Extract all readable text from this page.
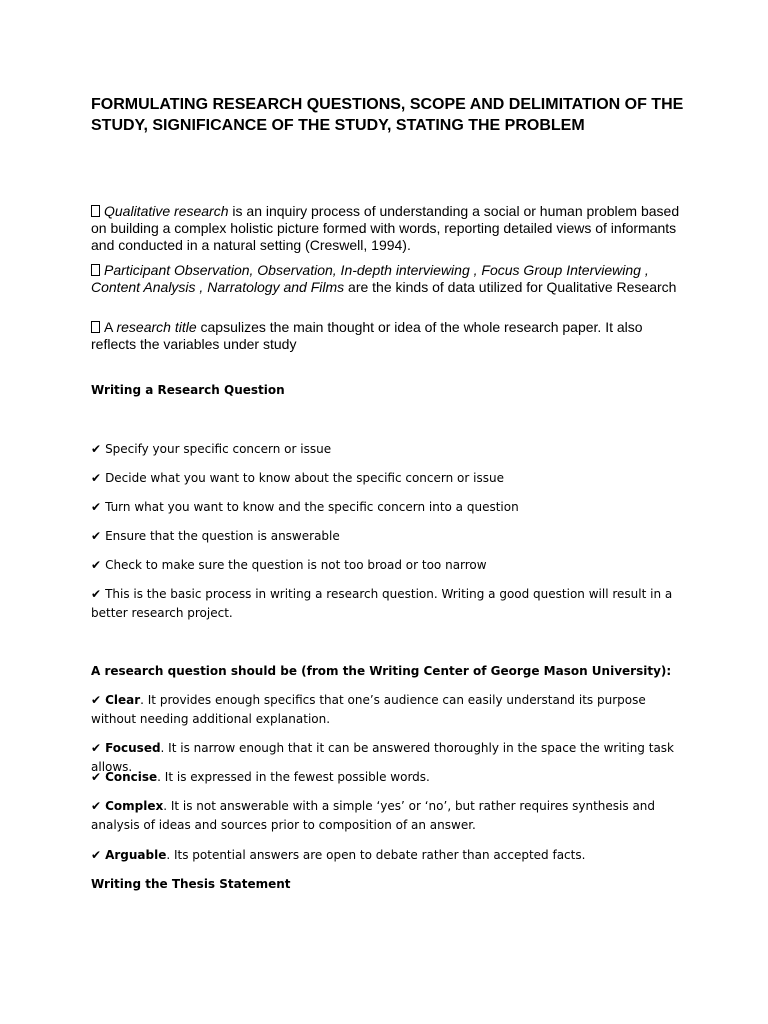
FORMULATING RESEARCH QUESTIONS, SCOPE AND DELIMITATION OF THE STUDY, SIGNIFICANCE OF THE STUDY, STATING THE PROBLEM

Qualitative research is an inquiry process of understanding a social or human problem based on building a complex holistic picture formed with words, reporting detailed views of informants and conducted in a natural setting (Creswell, 1994).

Participant Observation, Observation, In-depth interviewing , Focus Group Interviewing , Content Analysis , Narratology and Films are the kinds of data utilized for Qualitative Research

A research title capsulizes the main thought or idea of the whole research paper. It also reflects the variables under study

Writing a Research Question

✔ Specify your specific concern or issue

✔ Decide what you want to know about the specific concern or issue

✔ Turn what you want to know and the specific concern into a question

✔ Ensure that the question is answerable

✔ Check to make sure the question is not too broad or too narrow

✔ This is the basic process in writing a research question. Writing a good question will result in a better research project.

A research question should be (from the Writing Center of George Mason University):

✔ Clear. It provides enough specifics that one’s audience can easily understand its purpose without needing additional explanation.

✔ Focused. It is narrow enough that it can be answered thoroughly in the space the writing task allows.

✔ Concise. It is expressed in the fewest possible words.

✔ Complex. It is not answerable with a simple ‘yes’ or ‘no’, but rather requires synthesis and analysis of ideas and sources prior to composition of an answer.

✔ Arguable. Its potential answers are open to debate rather than accepted facts.

Writing the Thesis Statement
